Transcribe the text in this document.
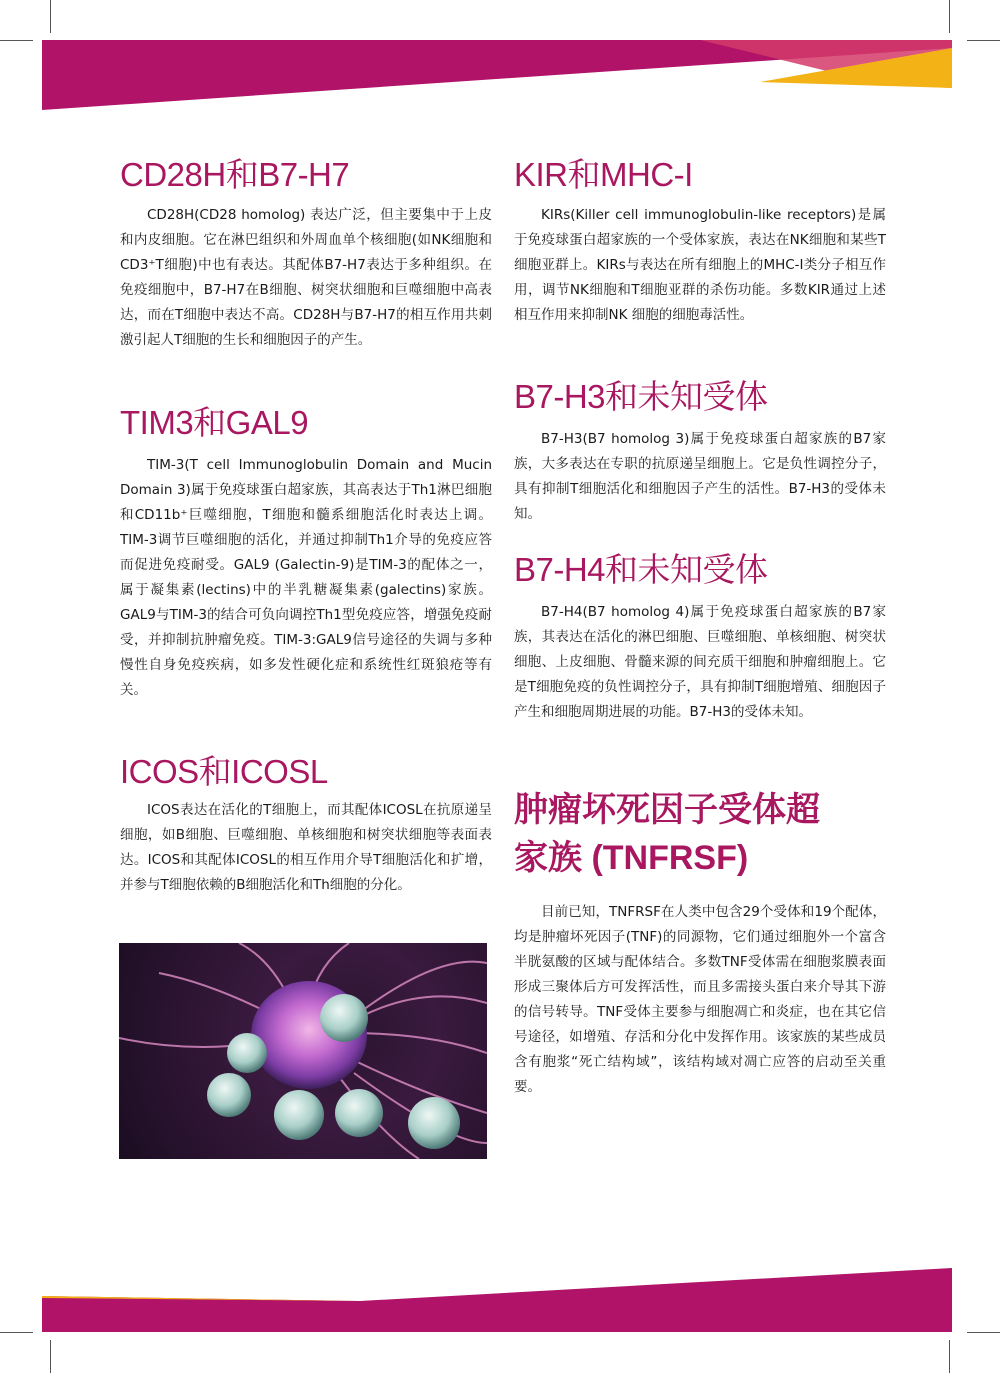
CD28H和B7-H7

CD28H(CD28 homolog) 表达广泛，但主要集中于上皮和内皮细胞。它在淋巴组织和外周血单个核细胞(如NK细胞和CD3⁺T细胞)中也有表达。其配体B7-H7表达于多种组织。在免疫细胞中，B7-H7在B细胞、树突状细胞和巨噬细胞中高表达，而在T细胞中表达不高。CD28H与B7-H7的相互作用共刺激引起人T细胞的生长和细胞因子的产生。

TIM3和GAL9

TIM-3(T cell Immunoglobulin Domain and Mucin Domain 3)属于免疫球蛋白超家族，其高表达于Th1淋巴细胞和CD11b⁺巨噬细胞，T细胞和髓系细胞活化时表达上调。TIM-3调节巨噬细胞的活化，并通过抑制Th1介导的免疫应答而促进免疫耐受。GAL9 (Galectin-9)是TIM-3的配体之一，属于凝集素(lectins)中的半乳糖凝集素(galectins)家族。GAL9与TIM-3的结合可负向调控Th1型免疫应答，增强免疫耐受，并抑制抗肿瘤免疫。TIM-3:GAL9信号途径的失调与多种慢性自身免疫疾病，如多发性硬化症和系统性红斑狼疮等有关。

ICOS和ICOSL

ICOS表达在活化的T细胞上，而其配体ICOSL在抗原递呈细胞，如B细胞、巨噬细胞、单核细胞和树突状细胞等表面表达。ICOS和其配体ICOSL的相互作用介导T细胞活化和扩增，并参与T细胞依赖的B细胞活化和Th细胞的分化。

KIR和MHC-I

KIRs(Killer cell immunoglobulin-like receptors)是属于免疫球蛋白超家族的一个受体家族，表达在NK细胞和某些T细胞亚群上。KIRs与表达在所有细胞上的MHC-I类分子相互作用，调节NK细胞和T细胞亚群的杀伤功能。多数KIR通过上述相互作用来抑制NK 细胞的细胞毒活性。

B7-H3和未知受体

B7-H3(B7 homolog 3)属于免疫球蛋白超家族的B7家族，大多表达在专职的抗原递呈细胞上。它是负性调控分子，具有抑制T细胞活化和细胞因子产生的活性。B7-H3的受体未知。

B7-H4和未知受体

B7-H4(B7 homolog 4)属于免疫球蛋白超家族的B7家族，其表达在活化的淋巴细胞、巨噬细胞、单核细胞、树突状细胞、上皮细胞、骨髓来源的间充质干细胞和肿瘤细胞上。它是T细胞免疫的负性调控分子，具有抑制T细胞增殖、细胞因子产生和细胞周期进展的功能。B7-H3的受体未知。

肿瘤坏死因子受体超
家族 (TNFRSF)

目前已知，TNFRSF在人类中包含29个受体和19个配体，均是肿瘤坏死因子(TNF)的同源物，它们通过细胞外一个富含半胱氨酸的区域与配体结合。多数TNF受体需在细胞浆膜表面形成三聚体后方可发挥活性，而且多需接头蛋白来介导其下游的信号转导。TNF受体主要参与细胞凋亡和炎症，也在其它信号途径，如增殖、存活和分化中发挥作用。该家族的某些成员含有胞浆“死亡结构域”，该结构域对凋亡应答的启动至关重要。
